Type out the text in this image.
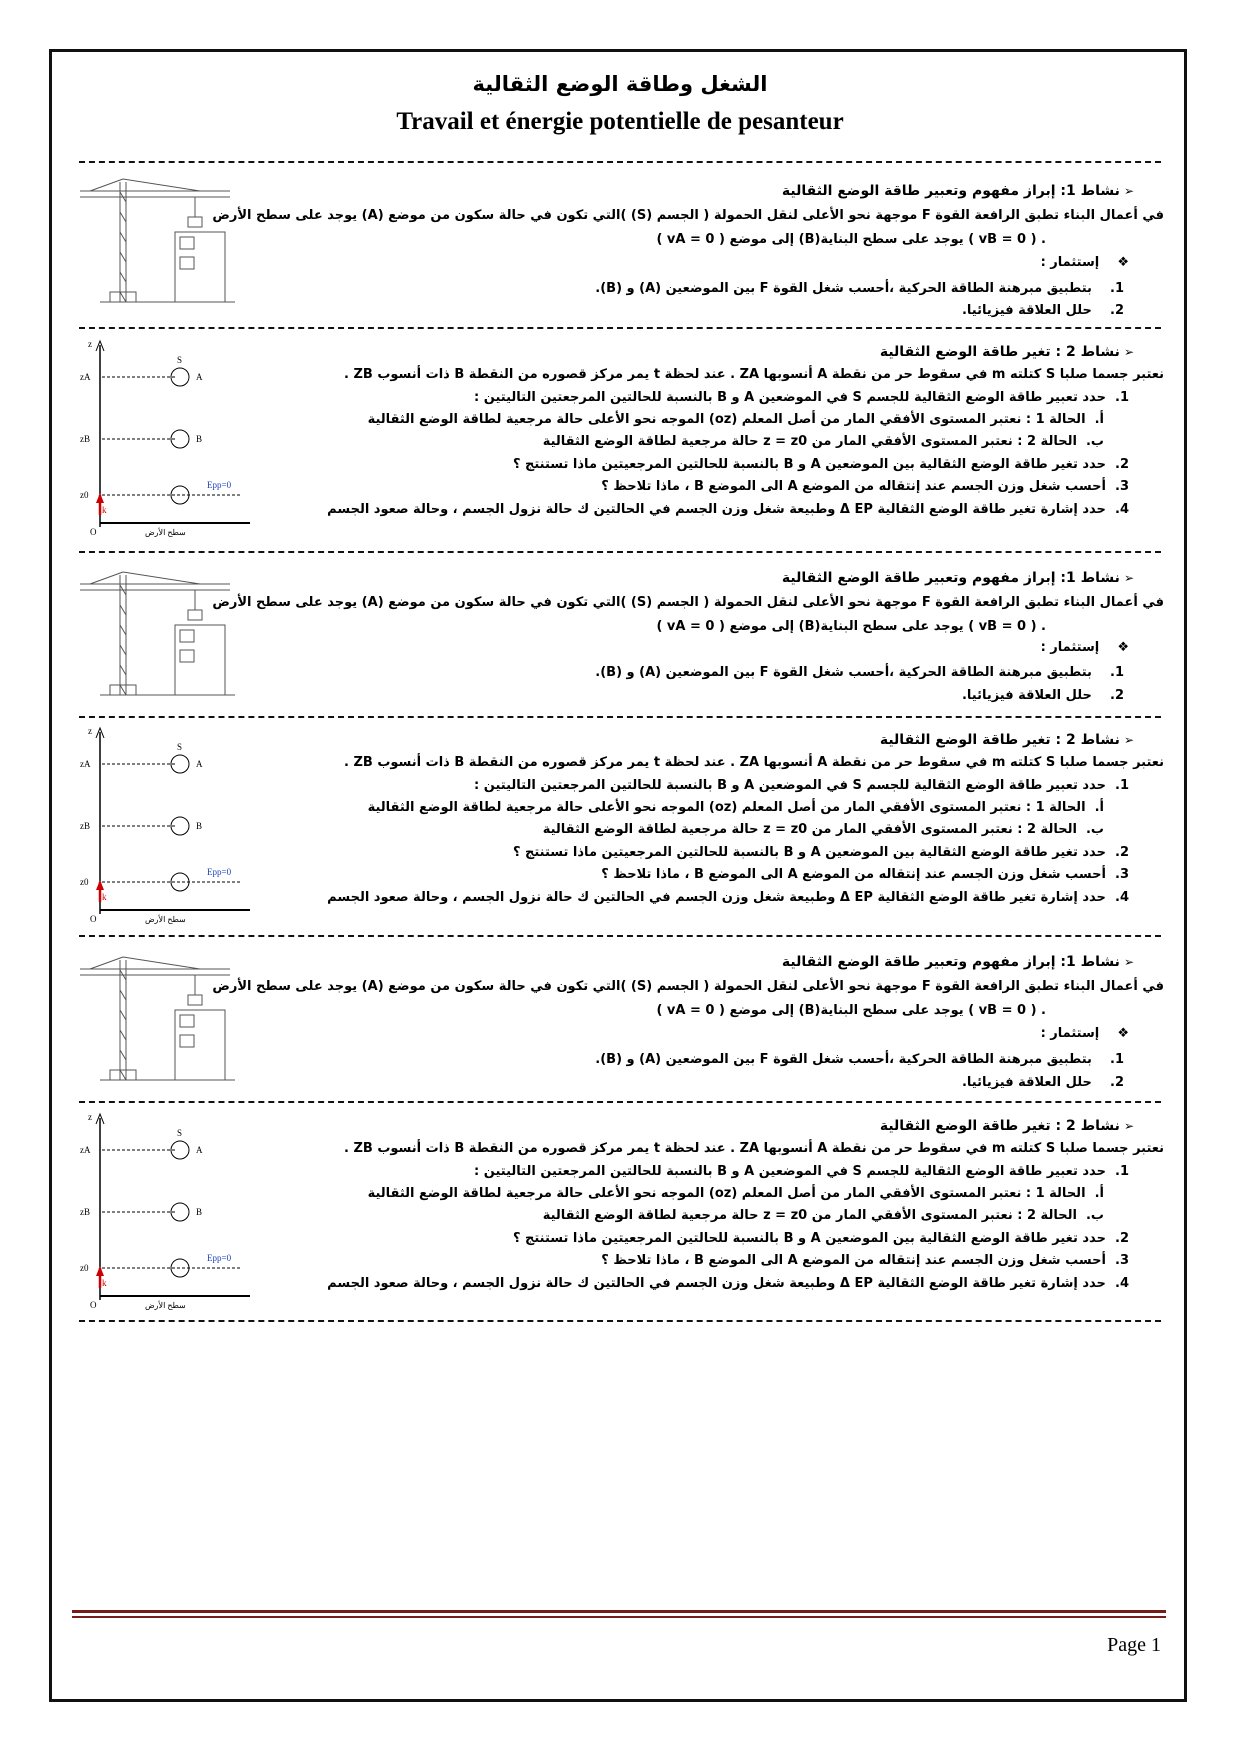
الشغل وطاقة الوضع الثقالية
Travail et énergie potentielle de pesanteur
➢نشاط 1: إبراز مفهوم وتعبير طاقة الوضع الثقالية
في أعمال البناء تطبق الرافعة القوة F موجهة نحو الأعلى لنقل الحمولة ( الجسم (S) )التي تكون في حالة سكون من موضع (A) يوجد على سطح الأرض
( vA = 0 ) إلى موضع (B)يوجد على سطح البناية ( vB = 0 ) .
❖    إستثمار :
1.    بتطبيق مبرهنة الطاقة الحركية ،أحسب شغل القوة F بين الموضعين (A) و (B).
2.    حلل العلاقة فيزيائيا.
➢نشاط 2 : تغير طاقة الوضع الثقالية
نعتبر جسما صلبا S كتلته m في سقوط حر من نقطة A أنسوبها ZA . عند لحظة t يمر مركز قصوره من النقطة B ذات أنسوب ZB .
1.  حدد تعبير طاقة الوضع الثقالية للجسم S في الموضعين A و B بالنسبة للحالتين المرجعتين التاليتين :
أ.  الحالة 1 : نعتبر المستوى الأفقي المار من أصل المعلم (oz) الموجه نحو الأعلى حالة مرجعية لطاقة الوضع الثقالية
ب.  الحالة 2 : نعتبر المستوى الأفقي المار من z = z0 حالة مرجعية لطاقة الوضع الثقالية
2.  حدد تغير طاقة الوضع الثقالية بين الموضعين A و B بالنسبة للحالتين المرجعيتين ماذا تستنتج ؟
3.  أحسب شغل وزن الجسم عند إنتقاله من الموضع A الى الموضع B ، ماذا تلاحظ ؟
4.  حدد إشارة تغير طاقة الوضع الثقالية Δ EP وطبيعة شغل وزن الجسم في الحالتين ك حالة نزول الجسم ، وحالة صعود الجسم
z
zA
zB
z0
O
S
A
B
Epp=0
k
سطح الأرض
➢نشاط 1: إبراز مفهوم وتعبير طاقة الوضع الثقالية
في أعمال البناء تطبق الرافعة القوة F موجهة نحو الأعلى لنقل الحمولة ( الجسم (S) )التي تكون في حالة سكون من موضع (A) يوجد على سطح الأرض
( vA = 0 ) إلى موضع (B)يوجد على سطح البناية ( vB = 0 ) .
❖    إستثمار :
1.    بتطبيق مبرهنة الطاقة الحركية ،أحسب شغل القوة F بين الموضعين (A) و (B).
2.    حلل العلاقة فيزيائيا.
➢نشاط 2 : تغير طاقة الوضع الثقالية
نعتبر جسما صلبا S كتلته m في سقوط حر من نقطة A أنسوبها ZA . عند لحظة t يمر مركز قصوره من النقطة B ذات أنسوب ZB .
1.  حدد تعبير طاقة الوضع الثقالية للجسم S في الموضعين A و B بالنسبة للحالتين المرجعتين التاليتين :
أ.  الحالة 1 : نعتبر المستوى الأفقي المار من أصل المعلم (oz) الموجه نحو الأعلى حالة مرجعية لطاقة الوضع الثقالية
ب.  الحالة 2 : نعتبر المستوى الأفقي المار من z = z0 حالة مرجعية لطاقة الوضع الثقالية
2.  حدد تغير طاقة الوضع الثقالية بين الموضعين A و B بالنسبة للحالتين المرجعيتين ماذا تستنتج ؟
3.  أحسب شغل وزن الجسم عند إنتقاله من الموضع A الى الموضع B ، ماذا تلاحظ ؟
4.  حدد إشارة تغير طاقة الوضع الثقالية Δ EP وطبيعة شغل وزن الجسم في الحالتين ك حالة نزول الجسم ، وحالة صعود الجسم
z
zA
zB
z0
O
S
A
B
Epp=0
k
سطح الأرض
➢نشاط 1: إبراز مفهوم وتعبير طاقة الوضع الثقالية
في أعمال البناء تطبق الرافعة القوة F موجهة نحو الأعلى لنقل الحمولة ( الجسم (S) )التي تكون في حالة سكون من موضع (A) يوجد على سطح الأرض
( vA = 0 ) إلى موضع (B)يوجد على سطح البناية ( vB = 0 ) .
❖    إستثمار :
1.    بتطبيق مبرهنة الطاقة الحركية ،أحسب شغل القوة F بين الموضعين (A) و (B).
2.    حلل العلاقة فيزيائيا.
➢نشاط 2 : تغير طاقة الوضع الثقالية
نعتبر جسما صلبا S كتلته m في سقوط حر من نقطة A أنسوبها ZA . عند لحظة t يمر مركز قصوره من النقطة B ذات أنسوب ZB .
1.  حدد تعبير طاقة الوضع الثقالية للجسم S في الموضعين A و B بالنسبة للحالتين المرجعتين التاليتين :
أ.  الحالة 1 : نعتبر المستوى الأفقي المار من أصل المعلم (oz) الموجه نحو الأعلى حالة مرجعية لطاقة الوضع الثقالية
ب.  الحالة 2 : نعتبر المستوى الأفقي المار من z = z0 حالة مرجعية لطاقة الوضع الثقالية
2.  حدد تغير طاقة الوضع الثقالية بين الموضعين A و B بالنسبة للحالتين المرجعيتين ماذا تستنتج ؟
3.  أحسب شغل وزن الجسم عند إنتقاله من الموضع A الى الموضع B ، ماذا تلاحظ ؟
4.  حدد إشارة تغير طاقة الوضع الثقالية Δ EP وطبيعة شغل وزن الجسم في الحالتين ك حالة نزول الجسم ، وحالة صعود الجسم
z
zA
zB
z0
O
S
A
B
Epp=0
k
سطح الأرض
Page 1
